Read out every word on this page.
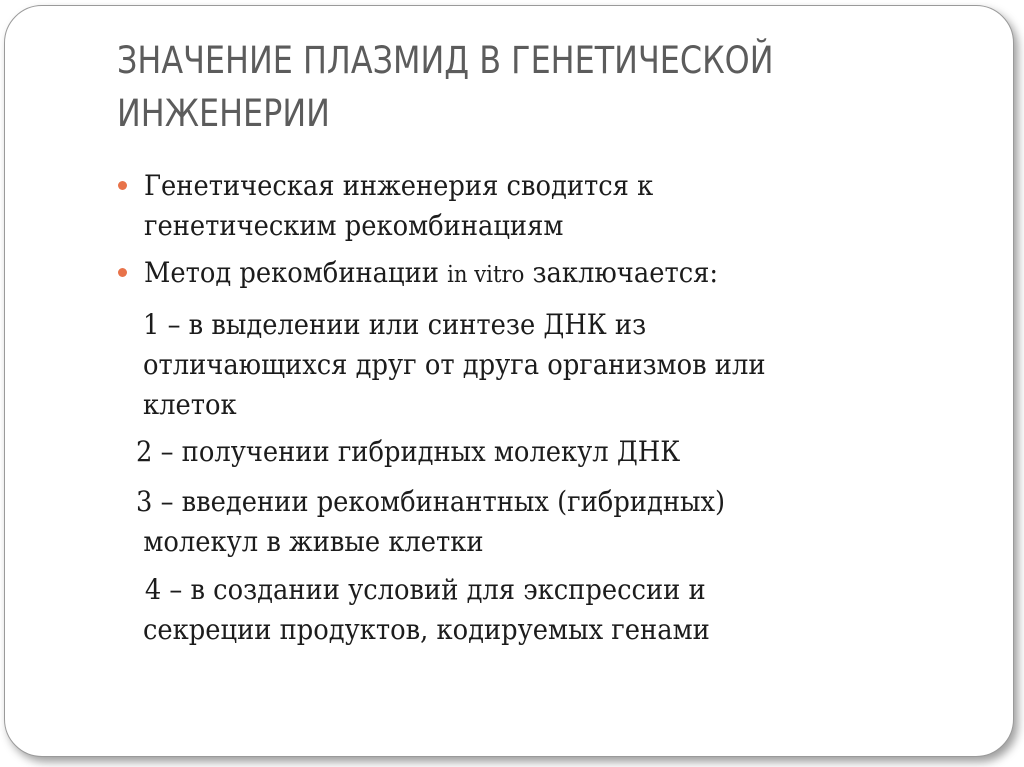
ЗНАЧЕНИЕ ПЛАЗМИД В ГЕНЕТИЧЕСКОЙ
ИНЖЕНЕРИИ
Генетическая инженерия сводится к
генетическим рекомбинациям
Метод рекомбинации in vitro заключается:
1 – в выделении или синтезе ДНК из
отличающихся друг от друга организмов или
клеток
2 – получении гибридных молекул ДНК
3 – введении рекомбинантных (гибридных)
молекул в живые клетки
4 – в создании условий для экспрессии и
секреции продуктов, кодируемых генами
